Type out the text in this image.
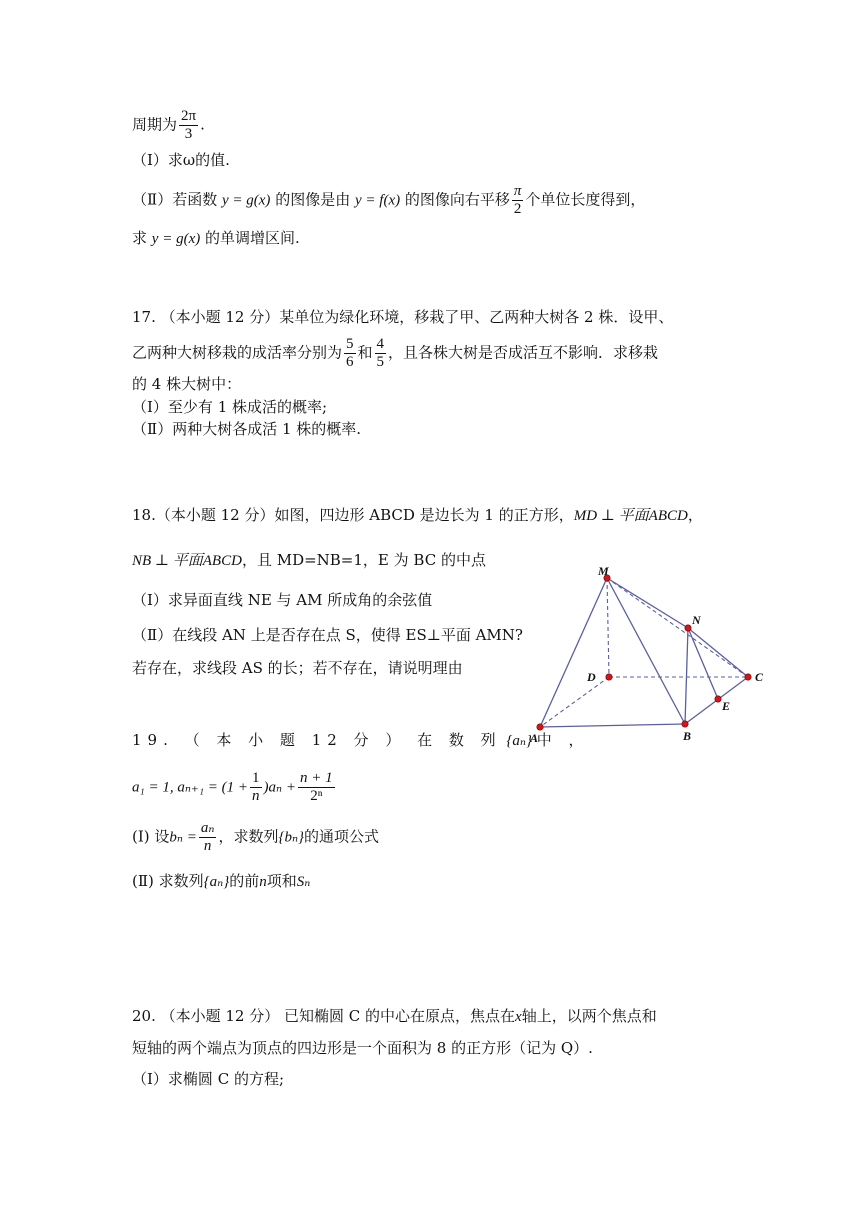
周期为 $\frac{2\pi}{3}$ .
（Ⅰ）求ω的值.
（Ⅱ）若函数 y = g(x) 的图像是由 y = f(x) 的图像向右平移 $\frac{\pi}{2}$ 个单位长度得到，
求 y = g(x) 的单调增区间.
17. （本小题 12 分）某单位为绿化环境，移栽了甲、乙两种大树各 2 株．设甲、
乙两种大树移栽的成活率分别为 $\frac{5}{6}$ 和 $\frac{4}{5}$ ，且各株大树是否成活互不影响．求移栽
的 4 株大树中：
（Ⅰ）至少有 1 株成活的概率;
（Ⅱ）两种大树各成活 1 株的概率.
18.（本小题 12 分）如图，四边形 ABCD 是边长为 1 的正方形，MD ⊥ 平面ABCD，
NB ⊥ 平面ABCD，且 MD=NB=1，E 为 BC 的中点
（Ⅰ）求异面直线 NE 与 AM 所成角的余弦值
（Ⅱ）在线段 AN 上是否存在点 S，使得 ES⊥平面 AMN?
若存在，求线段 AS 的长；若不存在，请说明理由
M
N
D	C
E
A	B
19. （ 本 小 题 12 分 ） 在 数 列 {aₙ} 中 ，
a₁ = 1, $a_{n+1} = (1 + \frac{1}{n} )a_n + \frac{n + 1}{\text{2ⁿ}}$
(Ⅰ) 设$b_n = \frac{\text{aₙ}}{n}$ ，求数列{bₙ}的通项公式
(Ⅱ) 求数列{aₙ}的前n项和Sₙ
20. （本小题 12 分） 已知椭圆 C 的中心在原点，焦点在x轴上，以两个焦点和
短轴的两个端点为顶点的四边形是一个面积为 8 的正方形（记为 Q）.
（Ⅰ）求椭圆 C 的方程;
